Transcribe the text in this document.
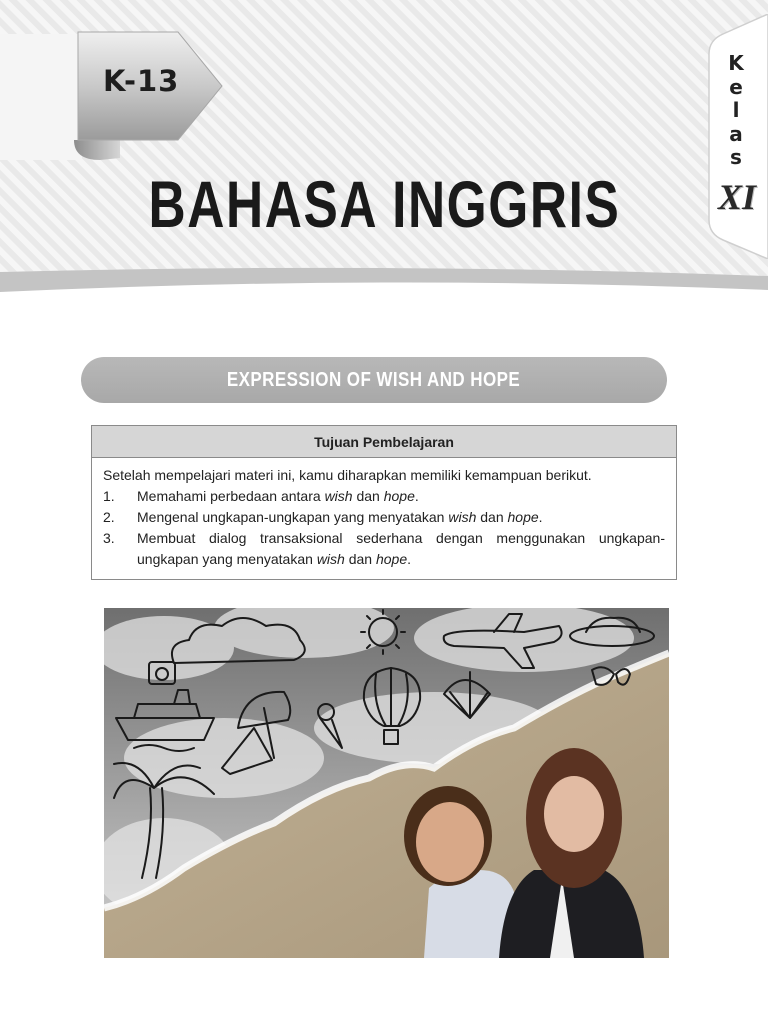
K-13
BAHASA INGGRIS
K
e
l
a
s
XI
EXPRESSION OF WISH AND HOPE
Tujuan Pembelajaran
Setelah mempelajari materi ini, kamu diharapkan memiliki kemampuan berikut.
1.	Memahami perbedaan antara wish dan hope.
2.	Mengenal ungkapan-ungkapan yang menyatakan wish dan hope.
3.	Membuat dialog transaksional sederhana dengan menggunakan ungkapan-ungkapan yang menyatakan wish dan hope.
